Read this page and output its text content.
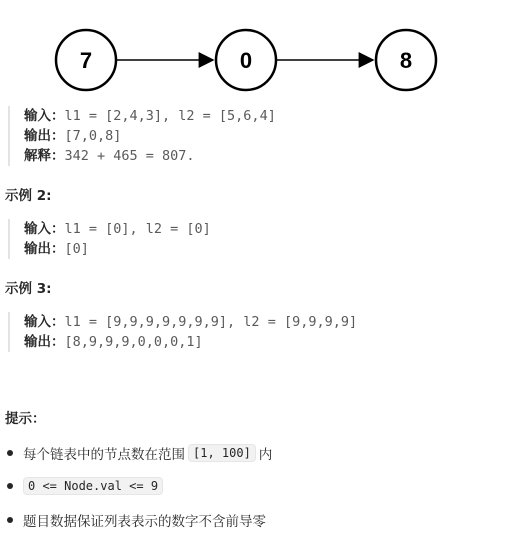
7	0	8
输入：l1 = [2,4,3], l2 = [5,6,4]
输出：[7,0,8]
解释：342 + 465 = 807.
示例 2:
输入：l1 = [0], l2 = [0]
输出：[0]
示例 3:
输入：l1 = [9,9,9,9,9,9,9], l2 = [9,9,9,9]
输出：[8,9,9,9,0,0,0,1]
提示：
每个链表中的节点数在范围 [1, 100] 内
0 <= Node.val <= 9
题目数据保证列表表示的数字不含前导零
